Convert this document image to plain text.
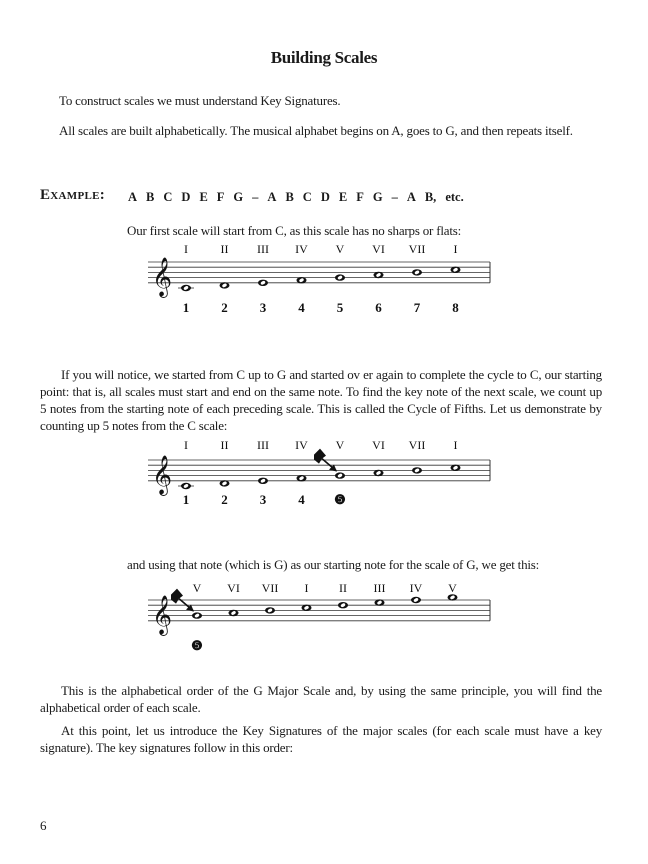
Building Scales
To construct scales we must understand Key Signatures.
All scales are built alphabetically. The musical alphabet begins on A, goes to G, and then repeats itself.
Example: A B C D E F G – A B C D E F G – A B, etc.
Our first scale will start from C, as this scale has no sharps or flats:
𝄞
I
1
II
2
III
3
IV
4
V
5
VI
6
VII
7
I
8
If you will notice, we started from C up to G and started ov er again to complete the cycle to C, our starting point: that is, all scales must start and end on the same note. To find the key note of the next scale, we count up 5 notes from the starting note of each preceding scale. This is called the Cycle of Fifths. Let us demonstrate by counting up 5 notes from the C scale:
𝄞
I
1
II
2
III
3
IV
4
V
❺
VI VII I
and using that note (which is G) as our starting note for the scale of G, we get this:
𝄞
V
❺
VI VII I	II III IV V
This is the alphabetical order of the G Major Scale and, by using the same principle, you will find the alphabetical order of each scale.
At this point, let us introduce the Key Signatures of the major scales (for each scale must have a key signature). The key signatures follow in this order:
6
